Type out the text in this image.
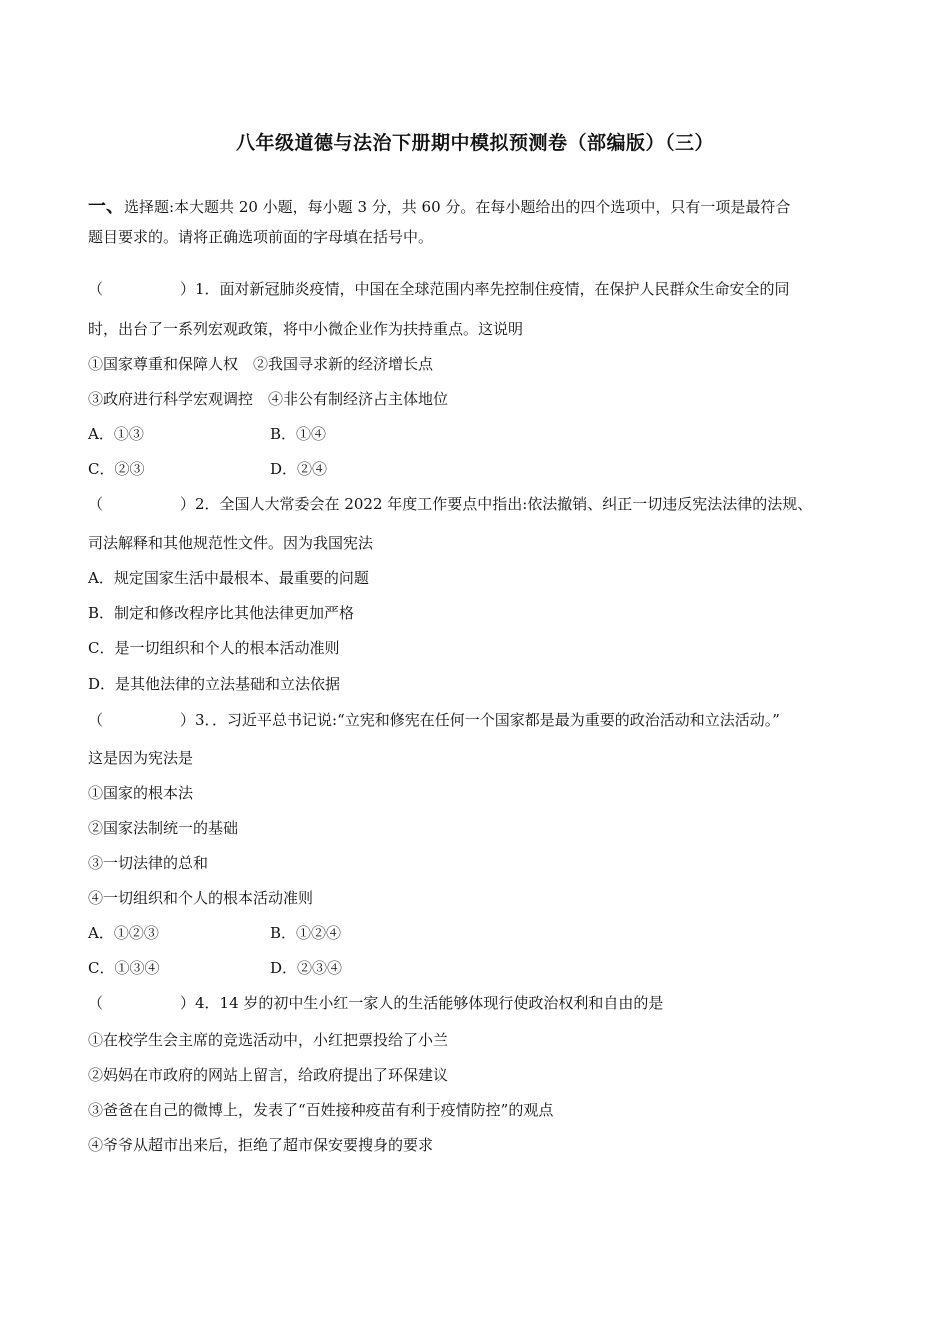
八年级道德与法治下册期中模拟预测卷（部编版）（三）
一、选择题:本大题共 20 小题，每小题 3 分，共 60 分。在每小题给出的四个选项中，只有一项是最符合
题目要求的。请将正确选项前面的字母填在括号中。
（	）1．面对新冠肺炎疫情，中国在全球范围内率先控制住疫情，在保护人民群众生命安全的同
时，出台了一系列宏观政策，将中小微企业作为扶持重点。这说明
①国家尊重和保障人权　②我国寻求新的经济增长点
③政府进行科学宏观调控　④非公有制经济占主体地位
A．①③	B．①④
C．②③	D．②④
（	）2．全国人大常委会在 2022 年度工作要点中指出:依法撤销、纠正一切违反宪法法律的法规、
司法解释和其他规范性文件。因为我国宪法
A．规定国家生活中最根本、最重要的问题
B．制定和修改程序比其他法律更加严格
C．是一切组织和个人的根本活动准则
D．是其他法律的立法基础和立法依据
（	）3．．习近平总书记说:“立宪和修宪在任何一个国家都是最为重要的政治活动和立法活动。”
这是因为宪法是
①国家的根本法
②国家法制统一的基础
③一切法律的总和
④一切组织和个人的根本活动准则
A．①②③	B．①②④
C．①③④	D．②③④
（	）4．14 岁的初中生小红一家人的生活能够体现行使政治权利和自由的是
①在校学生会主席的竞选活动中，小红把票投给了小兰
②妈妈在市政府的网站上留言，给政府提出了环保建议
③爸爸在自己的微博上，发表了“百姓接种疫苗有利于疫情防控”的观点
④爷爷从超市出来后，拒绝了超市保安要搜身的要求
